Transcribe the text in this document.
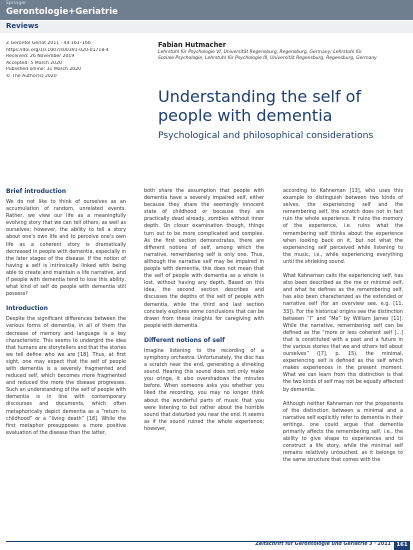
Springer
Gerontologie+Geriatrie
Reviews
Z Gerontol Geriat 2011 · 44:161–166
https://doi.org/10.1007/s00391-020-01718-4
Received: 26 November 2019
Accepted: 5 March 2020
Published online: 31 March 2020
© The Author(s) 2020
Fabian Hutmacher
Lehrstuhl für Psychologie VI, Universität Regensburg, Regensburg, Germany; Lehrstuhl für Soziale Psychologie, Lehrstuhl für Psychologie III, Universität Regensburg, Regensburg, Germany
Understanding the self of people with dementia
Psychological and philosophical considerations
Brief introduction
We do not like to think of ourselves as an accumulation of random, unrelated events. Rather, we view our life as a meaningfully evolving story that we can tell others, as well as ourselves; however, the ability to tell a story about one's own life and to perceive one's own life as a coherent story is dramatically decreased in people with dementia, especially in the later stages of the disease. If the notion of having a self is intrinsically linked with being able to create and maintain a life narrative, and if people with dementia tend to lose this ability, what kind of self do people with dementia still possess?
Introduction
Despite the significant differences between the various forms of dementia, in all of them the decrease of memory and language is a key characteristic. This seems to undergird the idea that humans are storytellers and that the stories we tell define who we are [18]. Thus, at first sight, one may expect that the self of people with dementia is a severely fragmented and reduced self, which becomes more fragmented and reduced the more the disease progresses. Such an understanding of the self of people with dementia is in line with contemporary discourses and documents, which often metaphorically depict dementia as a “return to childhood” or a “living death” [18]. While the first metaphor presupposes a more positive evaluation of the disease than the latter,
both share the assumption that people with dementia have a severely impaired self, either because they share the seemingly innocent state of childhood or because they are practically dead already, zombies without inner depth. On closer examination though, things turn out to be more complicated and complex. As the first section demonstrates, there are different notions of self, among which the narrative, remembering self is only one. Thus, although the narrative self may be impaired in people with dementia, this does not mean that the self of people with dementia as a whole is lost, without having any depth. Based on this idea, the second section describes and discusses the depths of the self of people with dementia, while the third and last section concisely explores some conclusions that can be drawn from these insights for caregiving with people with dementia.
Different notions of self
Imagine listening to the recording of a symphony orchestra. Unfortunately, the disc has a scratch near the end, generating a shrieking sound. Hearing this sound does not only make you cringe, it also overshadows the minutes before. When someone asks you whether you liked the recording, you may no longer think about the wonderful parts of music that you were listening to but rather about the horrible sound that disturbed you near the end. It seems as if the sound ruined the whole experience; however,
according to Kahneman [13], who uses this example to distinguish between two kinds of selves, the experiencing self and the remembering self, the scratch does not in fact ruin the whole experience. It ruins the memory of the experience, i.e. ruins what the remembering self thinks about the experience when looking back on it, but not what the experiencing self perceived while listening to the music, i.e., while experiencing everything until the shrieking sound.
What Kahneman calls the experiencing self, has also been described as the me or minimal self, and what he defines as the remembering self, has also been characterized as the extended or narrative self (for an overview see, e.g. [11, 33]). For the historical origins see the distinction between “I” and “Me” by William James [11]. While the narrative, remembering self can be defined as the “more or less coherent self [...] that is constituted with a past and a future in the various stories that we and others tell about ourselves” ([7], p. 15), the minimal, experiencing self is defined as the self which makes experiences in the present moment. What we can learn from this distinction is that the two kinds of self may not be equally affected by dementia.
Although neither Kahneman nor the proponents of the distinction between a minimal and a narrative self explicitly refer to dementia in their writings, one could argue that dementia primarily affects the remembering self, i.e., the ability to give shape to experiences and to construct a life story, while the minimal self remains relatively untouched, as it belongs to the same structure that comes with the
Zeitschrift für Gerontologie und Geriatrie 3 · 2011 161
